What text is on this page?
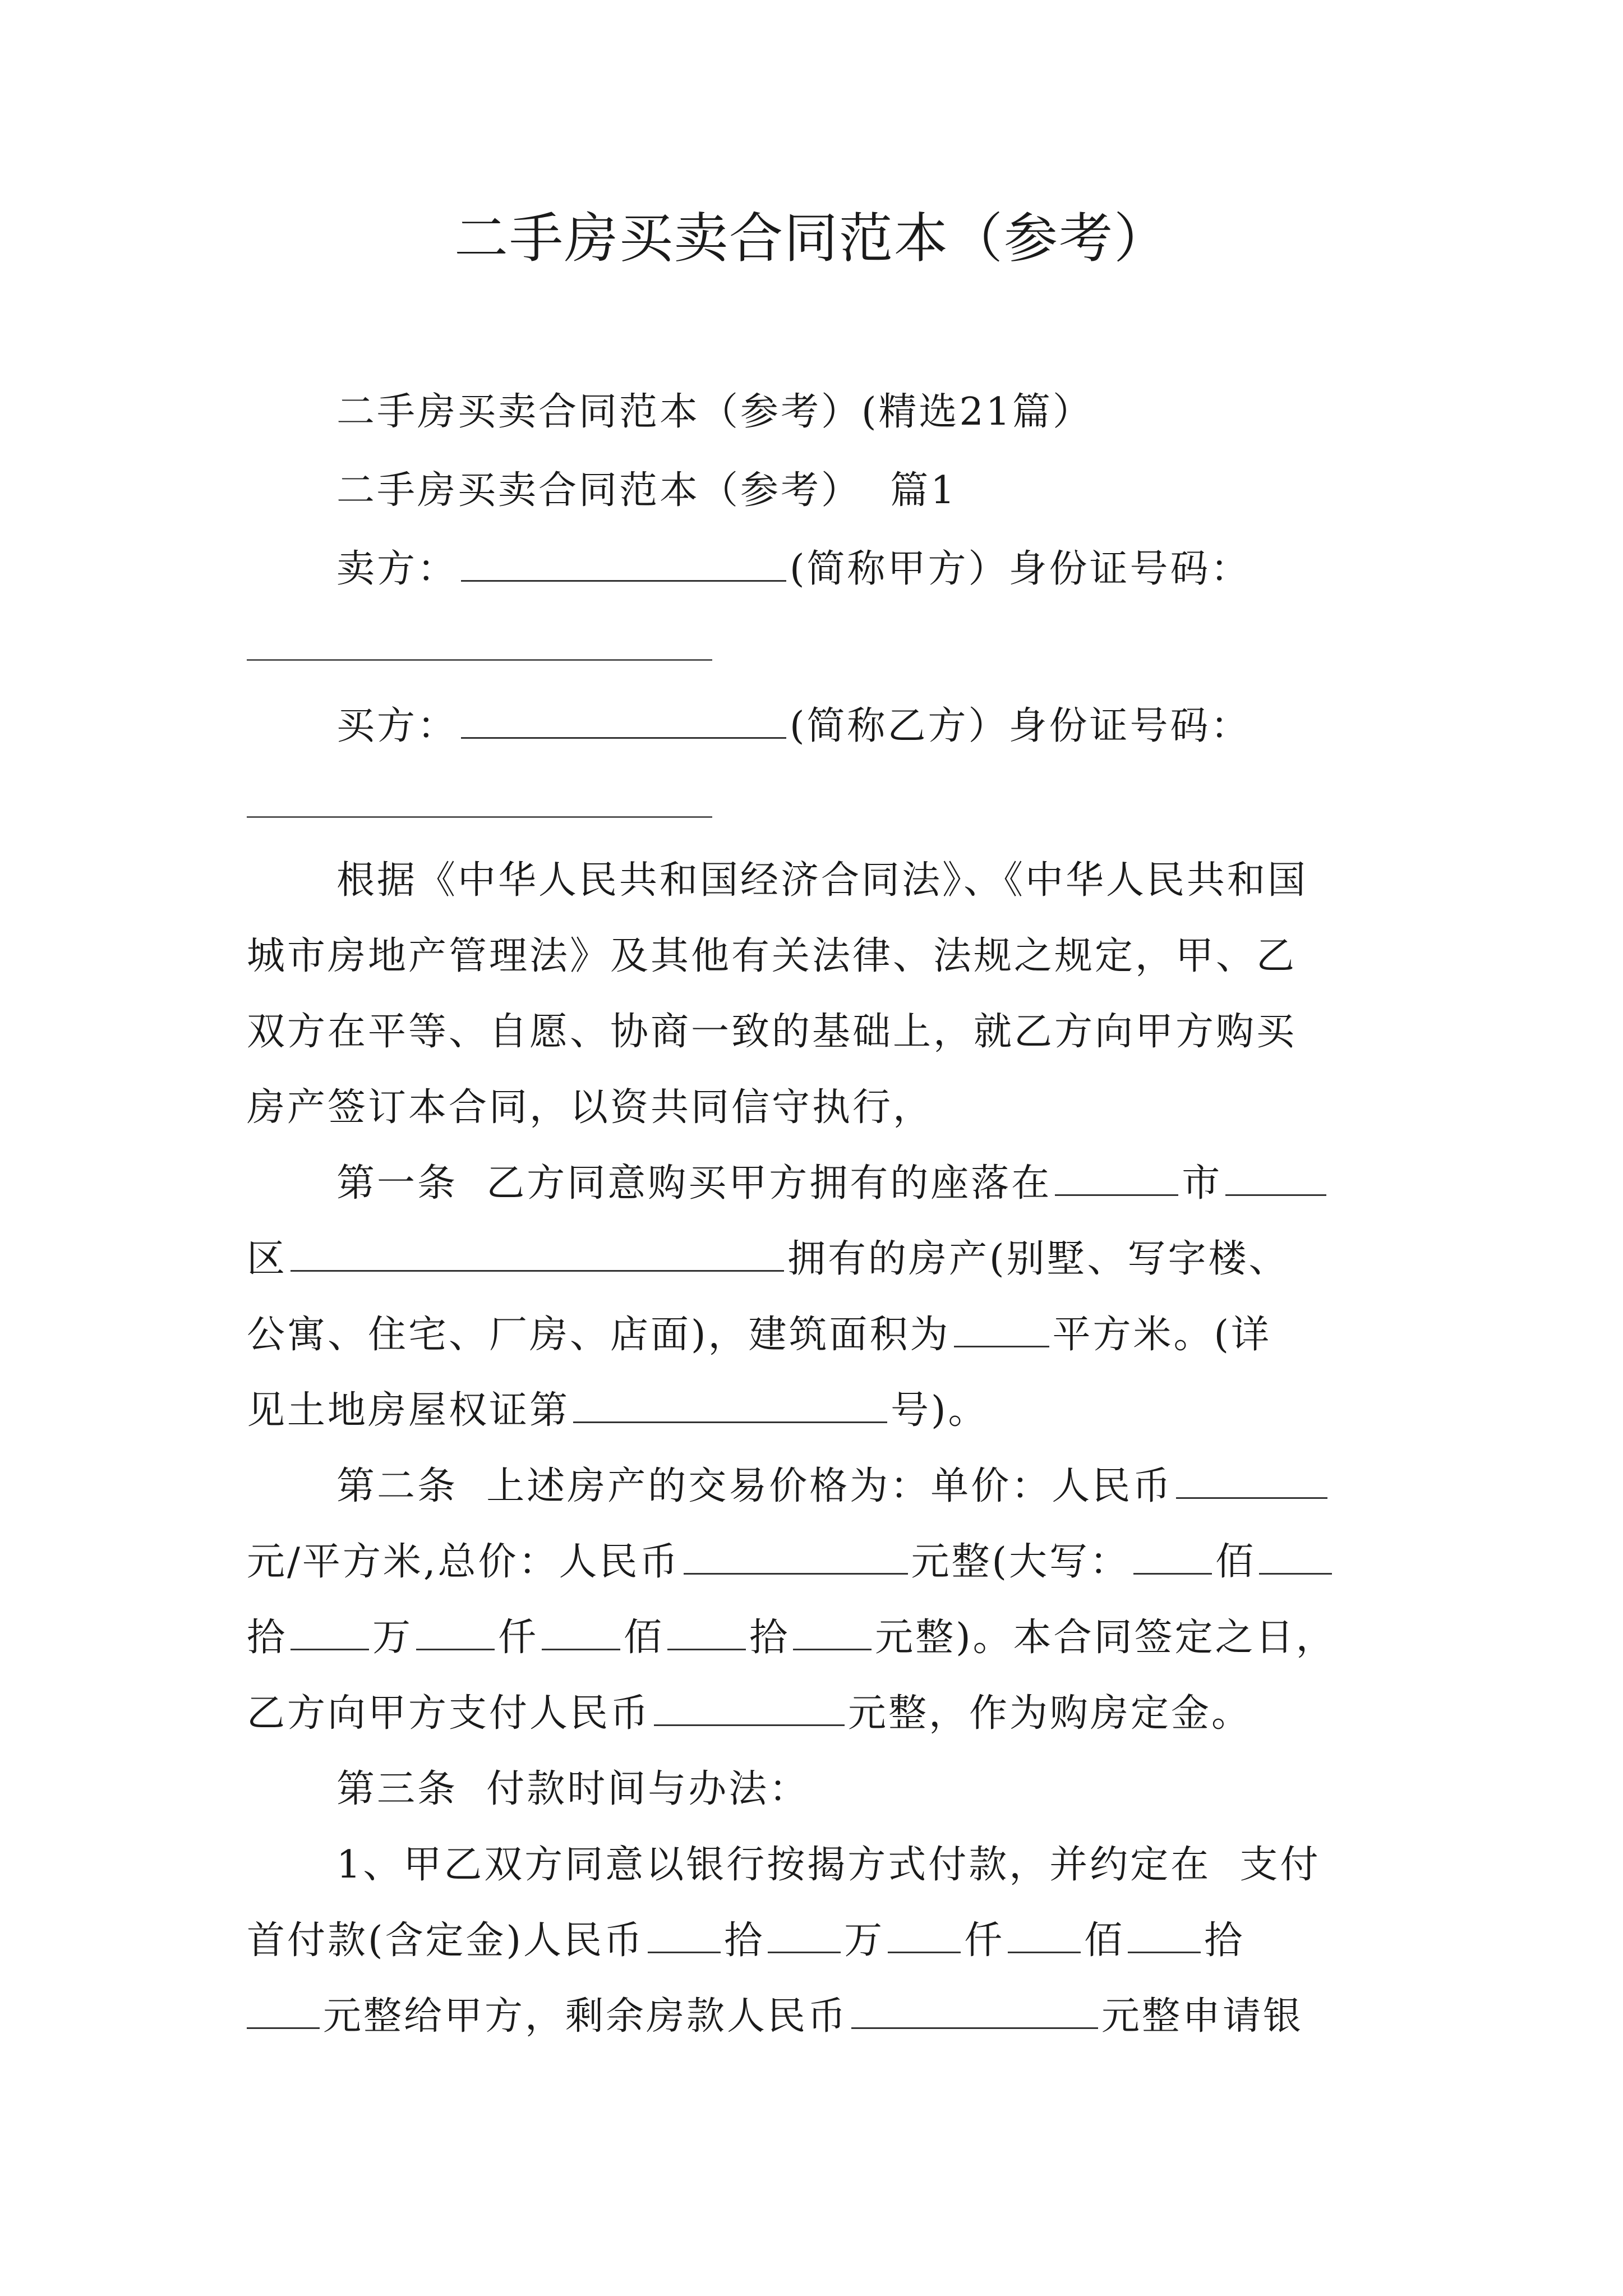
二手房买卖合同范本（参考）
二手房买卖合同范本（参考）(精选21篇）
二手房买卖合同范本（参考）  篇1
卖方：	(简称甲方）身份证号码：
买方：	(简称乙方）身份证号码：
根据《中华人民共和国经济合同法》、《中华人民共和国
城市房地产管理法》及其他有关法律、法规之规定，甲、乙
双方在平等、自愿、协商一致的基础上，就乙方向甲方购买
房产签订本合同，以资共同信守执行，
第一条  乙方同意购买甲方拥有的座落在	市
区	拥有的房产(别墅、写字楼、
公寓、住宅、厂房、店面)，建筑面积为	平方米。(详
见土地房屋权证第	号)。
第二条  上述房产的交易价格为：单价：人民币
元/平方米,总价：人民币	元整(大写： 佰
拾 万 仟 佰 拾 元整)。本合同签定之日，
乙方向甲方支付人民币	元整，作为购房定金。
第三条  付款时间与办法：
1、甲乙双方同意以银行按揭方式付款，并约定在  支付
首付款(含定金)人民币 拾 万 仟 佰 拾
元整给甲方，剩余房款人民币	元整申请银
